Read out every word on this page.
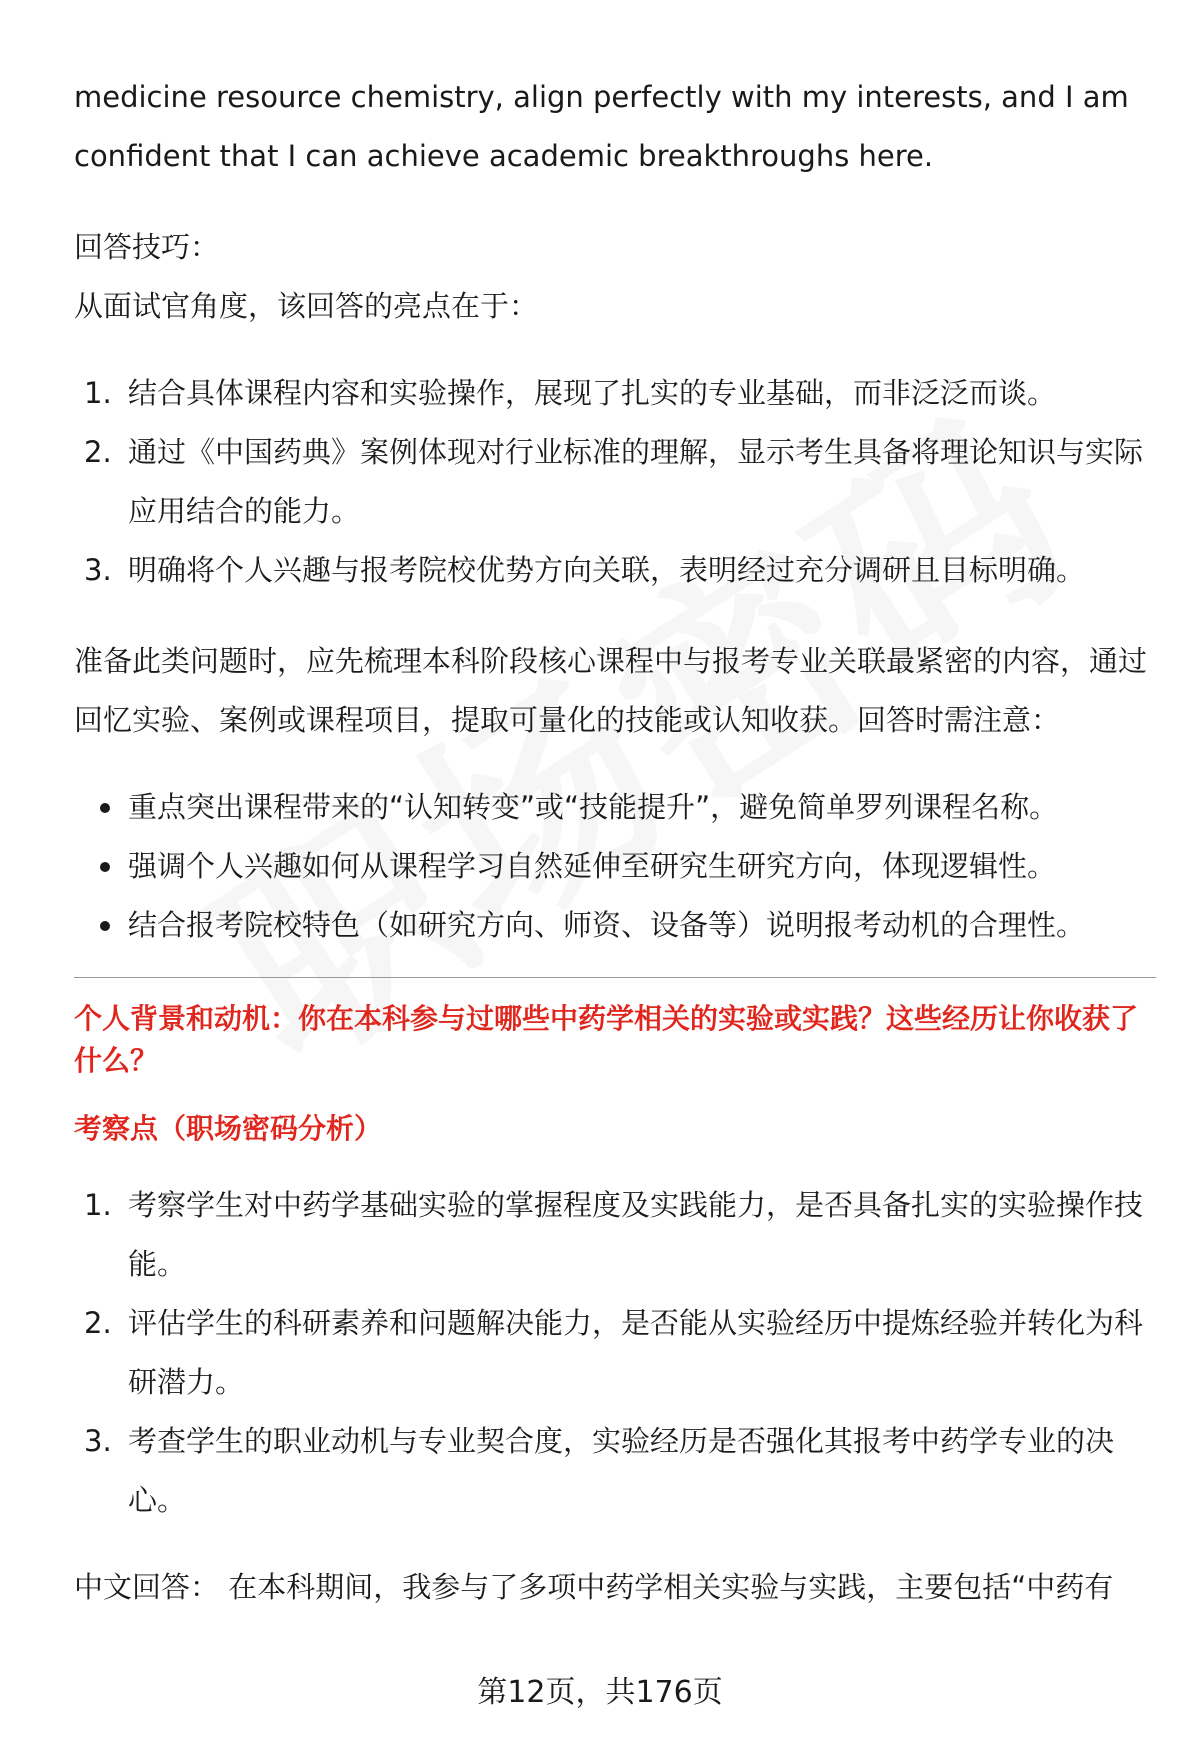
medicine resource chemistry, align perfectly with my interests, and I am

confident that I can achieve academic breakthroughs here.

回答技巧：

从面试官角度，该回答的亮点在于：

1. 结合具体课程内容和实验操作，展现了扎实的专业基础，而非泛泛而谈。
2. 通过《中国药典》案例体现对行业标准的理解，显示考生具备将理论知识与实际应用结合的能力。
3. 明确将个人兴趣与报考院校优势方向关联，表明经过充分调研且目标明确。

准备此类问题时，应先梳理本科阶段核心课程中与报考专业关联最紧密的内容，通过回忆实验、案例或课程项目，提取可量化的技能或认知收获。回答时需注意：

重点突出课程带来的“认知转变”或“技能提升”，避免简单罗列课程名称。
强调个人兴趣如何从课程学习自然延伸至研究生研究方向，体现逻辑性。
结合报考院校特色（如研究方向、师资、设备等）说明报考动机的合理性。

个人背景和动机：你在本科参与过哪些中药学相关的实验或实践？这些经历让你收获了什么？

考察点（职场密码分析）

1. 考察学生对中药学基础实验的掌握程度及实践能力，是否具备扎实的实验操作技能。
2. 评估学生的科研素养和问题解决能力，是否能从实验经历中提炼经验并转化为科研潜力。
3. 考查学生的职业动机与专业契合度，实验经历是否强化其报考中药学专业的决心。

中文回答： 在本科期间，我参与了多项中药学相关实验与实践，主要包括“中药有

第12页，共176页
